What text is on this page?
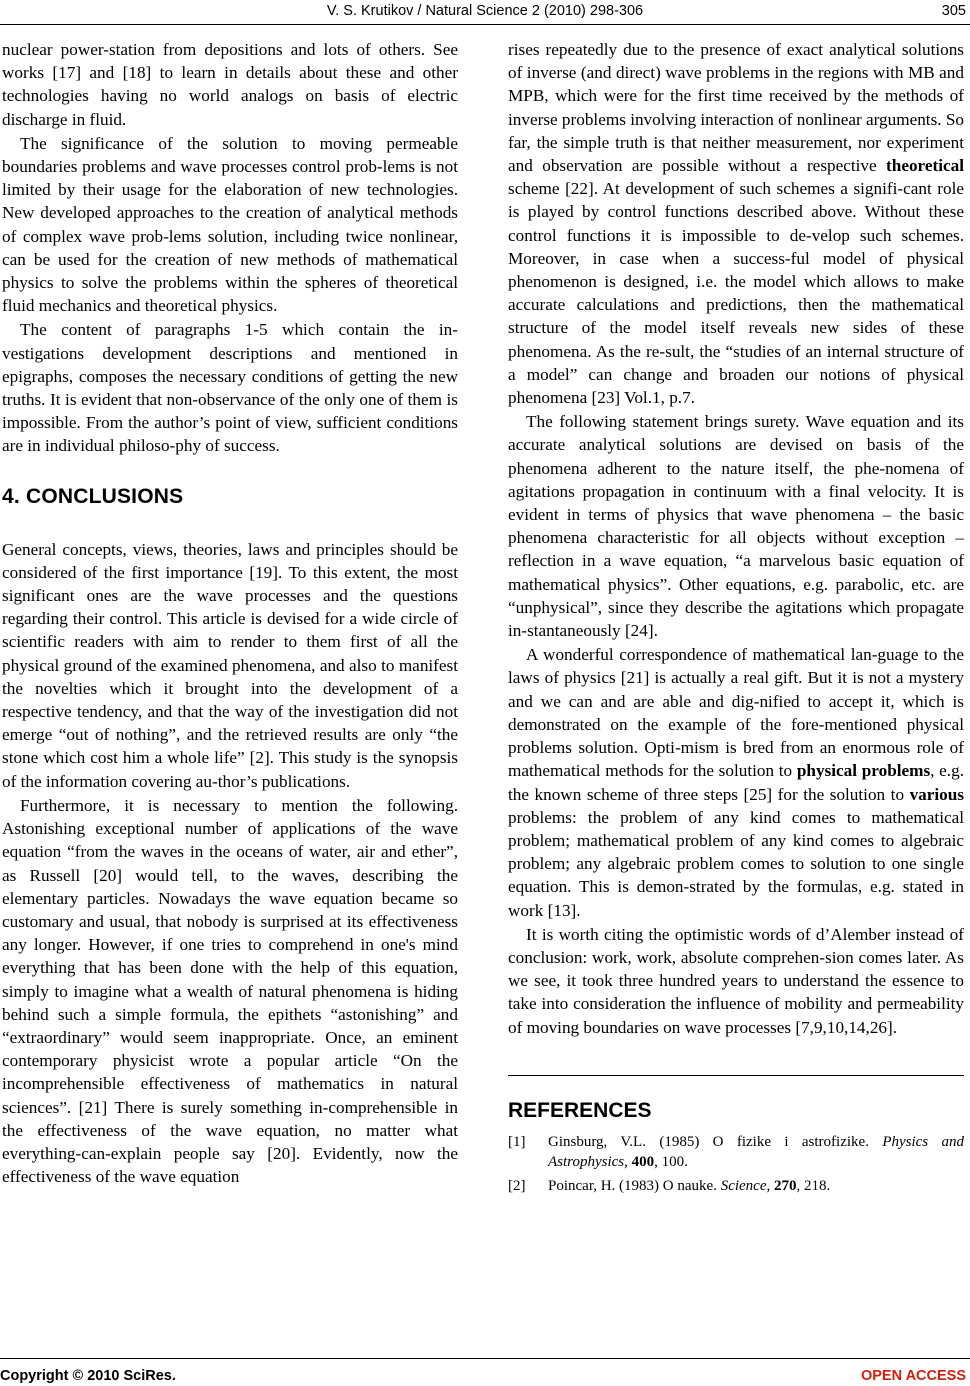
V. S. Krutikov / Natural Science 2 (2010) 298-306	305

nuclear power-station from depositions and lots of others. See works [17] and [18] to learn in details about these and other technologies having no world analogs on basis of electric discharge in fluid.

The significance of the solution to moving permeable boundaries problems and wave processes control prob-lems is not limited by their usage for the elaboration of new technologies. New developed approaches to the creation of analytical methods of complex wave prob-lems solution, including twice nonlinear, can be used for the creation of new methods of mathematical physics to solve the problems within the spheres of theoretical fluid mechanics and theoretical physics.

The content of paragraphs 1-5 which contain the in-vestigations development descriptions and mentioned in epigraphs, composes the necessary conditions of getting the new truths. It is evident that non-observance of the only one of them is impossible. From the author’s point of view, sufficient conditions are in individual philoso-phy of success.

4. CONCLUSIONS

General concepts, views, theories, laws and principles should be considered of the first importance [19]. To this extent, the most significant ones are the wave processes and the questions regarding their control. This article is devised for a wide circle of scientific readers with aim to render to them first of all the physical ground of the examined phenomena, and also to manifest the novelties which it brought into the development of a respective tendency, and that the way of the investigation did not emerge “out of nothing”, and the retrieved results are only “the stone which cost him a whole life” [2]. This study is the synopsis of the information covering au-thor’s publications.

Furthermore, it is necessary to mention the following. Astonishing exceptional number of applications of the wave equation “from the waves in the oceans of water, air and ether”, as Russell [20] would tell, to the waves, describing the elementary particles. Nowadays the wave equation became so customary and usual, that nobody is surprised at its effectiveness any longer. However, if one tries to comprehend in one's mind everything that has been done with the help of this equation, simply to imagine what a wealth of natural phenomena is hiding behind such a simple formula, the epithets “astonishing” and “extraordinary” would seem inappropriate. Once, an eminent contemporary physicist wrote a popular article “On the incomprehensible effectiveness of mathematics in natural sciences”. [21] There is surely something in-comprehensible in the effectiveness of the wave equation, no matter what everything-can-explain people say [20]. Evidently, now the effectiveness of the wave equation

rises repeatedly due to the presence of exact analytical solutions of inverse (and direct) wave problems in the regions with MB and MPB, which were for the first time received by the methods of inverse problems involving interaction of nonlinear arguments. So far, the simple truth is that neither measurement, nor experiment and observation are possible without a respective theoretical scheme [22]. At development of such schemes a signifi-cant role is played by control functions described above. Without these control functions it is impossible to de-velop such schemes. Moreover, in case when a success-ful model of physical phenomenon is designed, i.e. the model which allows to make accurate calculations and predictions, then the mathematical structure of the model itself reveals new sides of these phenomena. As the re-sult, the “studies of an internal structure of a model” can change and broaden our notions of physical phenomena [23] Vol.1, p.7.

The following statement brings surety. Wave equation and its accurate analytical solutions are devised on basis of the phenomena adherent to the nature itself, the phe-nomena of agitations propagation in continuum with a final velocity. It is evident in terms of physics that wave phenomena – the basic phenomena characteristic for all objects without exception – reflection in a wave equation, “a marvelous basic equation of mathematical physics”. Other equations, e.g. parabolic, etc. are “unphysical”, since they describe the agitations which propagate in-stantaneously [24].

A wonderful correspondence of mathematical lan-guage to the laws of physics [21] is actually a real gift. But it is not a mystery and we can and are able and dig-nified to accept it, which is demonstrated on the example of the fore-mentioned physical problems solution. Opti-mism is bred from an enormous role of mathematical methods for the solution to physical problems, e.g. the known scheme of three steps [25] for the solution to various problems: the problem of any kind comes to mathematical problem; mathematical problem of any kind comes to algebraic problem; any algebraic problem comes to solution to one single equation. This is demon-strated by the formulas, e.g. stated in work [13].

It is worth citing the optimistic words of d’Alember instead of conclusion: work, work, absolute comprehen-sion comes later. As we see, it took three hundred years to understand the essence to take into consideration the influence of mobility and permeability of moving boundaries on wave processes [7,9,10,14,26].

REFERENCES
[1]	Ginsburg, V.L. (1985) O fizike i astrofizike. Physics and Astrophysics, 400, 100.
[2]	Poincar, H. (1983) O nauke. Science, 270, 218.
Copyright © 2010 SciRes.	OPEN ACCESS
